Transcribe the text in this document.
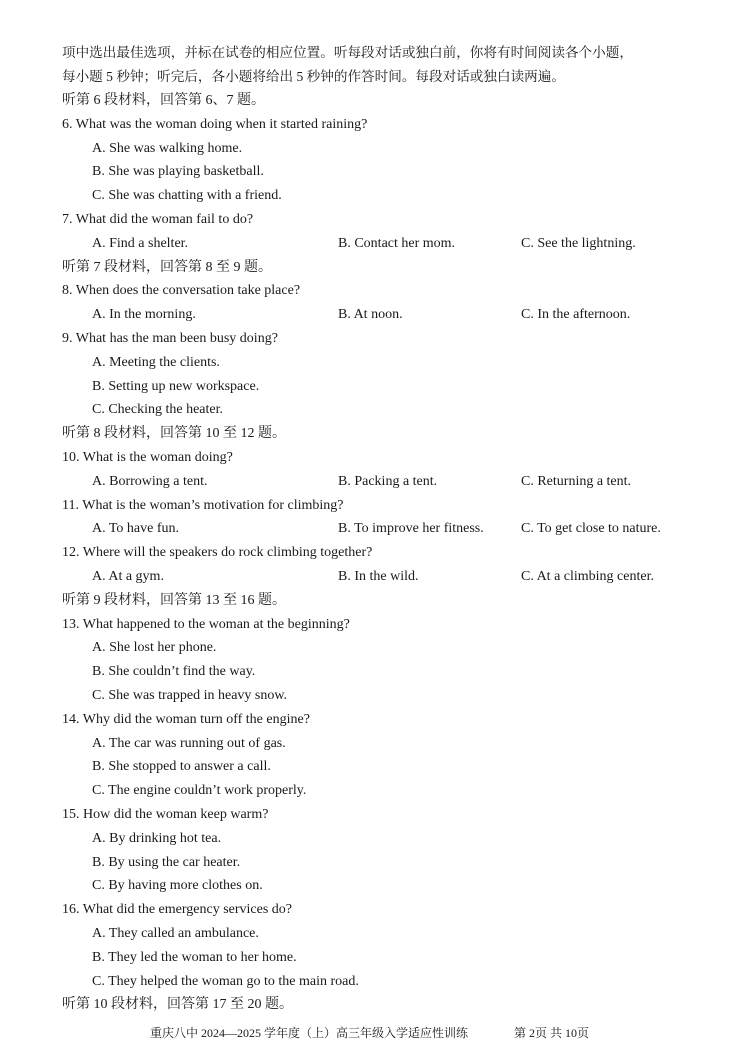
项中选出最佳选项，并标在试卷的相应位置。听每段对话或独白前，你将有时间阅读各个小题，
每小题 5 秒钟；听完后，各小题将给出 5 秒钟的作答时间。每段对话或独白读两遍。
重庆八中 2024—2025 学年度（上）高三年级入学适应性训练	第 2页 共 10页
听第 6 段材料，回答第 6、7 题。
6. What was the woman doing when it started raining?
A. She was walking home.
B. She was playing basketball.
C. She was chatting with a friend.
7. What did the woman fail to do?
A. Find a shelter.	B. Contact her mom.	C. See the lightning.
听第 7 段材料，回答第 8 至 9 题。
8. When does the conversation take place?
A. In the morning.	B. At noon.	C. In the afternoon.
9. What has the man been busy doing?
A. Meeting the clients.
B. Setting up new workspace.
C. Checking the heater.
听第 8 段材料，回答第 10 至 12 题。
10. What is the woman doing?
A. Borrowing a tent.	B. Packing a tent.	C. Returning a tent.
11. What is the woman’s motivation for climbing?
A. To have fun.	B. To improve her fitness.	C. To get close to nature.
12. Where will the speakers do rock climbing together?
A. At a gym.	B. In the wild.	C. At a climbing center.
听第 9 段材料，回答第 13 至 16 题。
13. What happened to the woman at the beginning?
A. She lost her phone.
B. She couldn’t find the way.
C. She was trapped in heavy snow.
14. Why did the woman turn off the engine?
A. The car was running out of gas.
B. She stopped to answer a call.
C. The engine couldn’t work properly.
15. How did the woman keep warm?
A. By drinking hot tea.
B. By using the car heater.
C. By having more clothes on.
16. What did the emergency services do?
A. They called an ambulance.
B. They led the woman to her home.
C. They helped the woman go to the main road.
听第 10 段材料，回答第 17 至 20 题。
